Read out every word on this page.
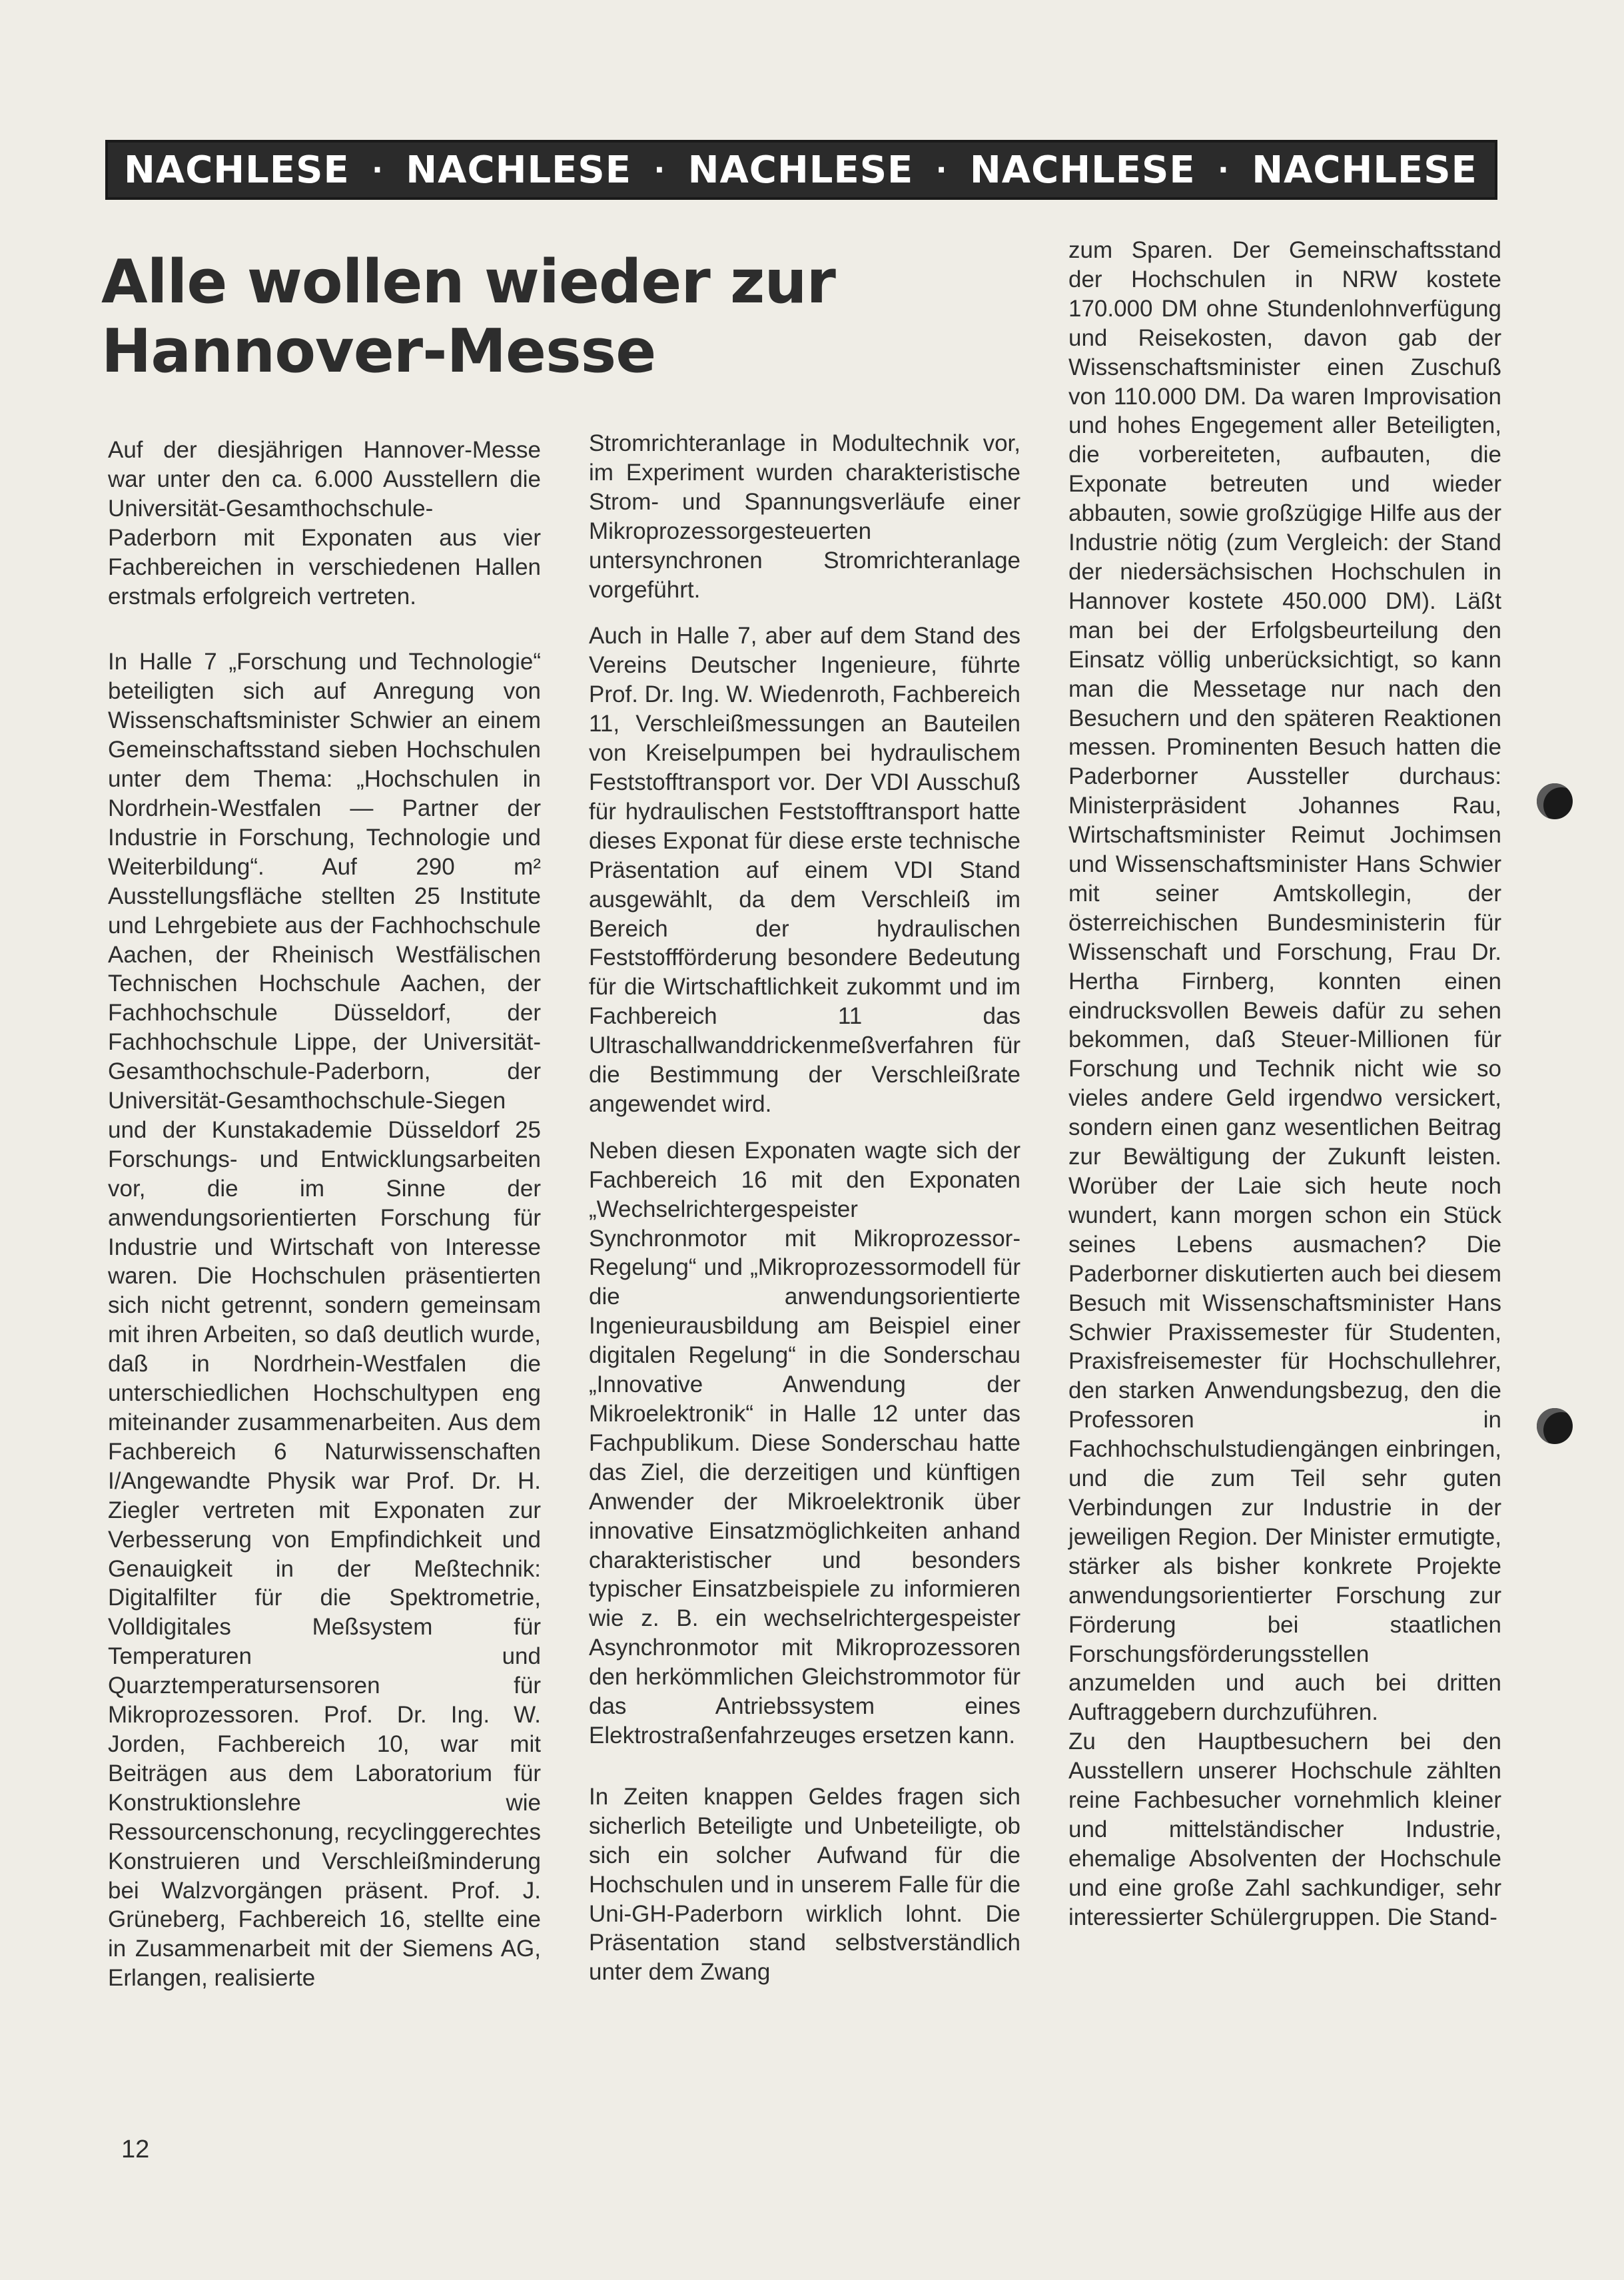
NACHLESE · NACHLESE · NACHLESE · NACHLESE · NACHLESE
Alle wollen wieder zur
Hannover-Messe

Auf der diesjährigen Hannover-Messe war unter den ca. 6.000 Ausstellern die Universität-Gesamthochschule-Paderborn mit Exponaten aus vier Fachbereichen in verschiedenen Hallen erstmals erfolgreich vertreten.

In Halle 7 „Forschung und Technologie“ beteiligten sich auf Anregung von Wissenschaftsminister Schwier an einem Gemeinschaftsstand sieben Hochschulen unter dem Thema: „Hochschulen in Nordrhein-Westfalen — Partner der Industrie in Forschung, Technologie und Weiterbildung“. Auf 290 m² Ausstellungsfläche stellten 25 Institute und Lehrgebiete aus der Fachhochschule Aachen, der Rheinisch Westfälischen Technischen Hochschule Aachen, der Fachhochschule Düsseldorf, der Fachhochschule Lippe, der Universität-Gesamthochschule-Paderborn, der Universität-Gesamthochschule-Siegen und der Kunstakademie Düsseldorf 25 Forschungs- und Entwicklungsarbeiten vor, die im Sinne der anwendungsorientierten Forschung für Industrie und Wirtschaft von Interesse waren. Die Hochschulen präsentierten sich nicht getrennt, sondern gemeinsam mit ihren Arbeiten, so daß deutlich wurde, daß in Nordrhein-Westfalen die unterschiedlichen Hochschultypen eng miteinander zusammenarbeiten. Aus dem Fachbereich 6 Naturwissenschaften I/Angewandte Physik war Prof. Dr. H. Ziegler vertreten mit Exponaten zur Verbesserung von Empfindichkeit und Genauigkeit in der Meßtechnik: Digitalfilter für die Spektrometrie, Volldigitales Meßsystem für Temperaturen und Quarztemperatursensoren für Mikroprozessoren. Prof. Dr. Ing. W. Jorden, Fachbereich 10, war mit Beiträgen aus dem Laboratorium für Konstruktionslehre wie Ressourcenschonung, recyclinggerechtes Konstruieren und Verschleißminderung bei Walzvorgängen präsent. Prof. J. Grüneberg, Fachbereich 16, stellte eine in Zusammenarbeit mit der Siemens AG, Erlangen, realisierte

Stromrichteranlage in Modultechnik vor, im Experiment wurden charakteristische Strom- und Spannungsverläufe einer Mikroprozessorgesteuerten untersynchronen Stromrichteranlage vorgeführt.

Auch in Halle 7, aber auf dem Stand des Vereins Deutscher Ingenieure, führte Prof. Dr. Ing. W. Wiedenroth, Fachbereich 11, Verschleißmessungen an Bauteilen von Kreiselpumpen bei hydraulischem Feststofftransport vor. Der VDI Ausschuß für hydraulischen Feststofftransport hatte dieses Exponat für diese erste technische Präsentation auf einem VDI Stand ausgewählt, da dem Verschleiß im Bereich der hydraulischen Feststoffförderung besondere Bedeutung für die Wirtschaftlichkeit zukommt und im Fachbereich 11 das Ultraschallwanddrickenmeßverfahren für die Bestimmung der Verschleißrate angewendet wird.

Neben diesen Exponaten wagte sich der Fachbereich 16 mit den Exponaten „Wechselrichtergespeister Synchronmotor mit Mikroprozessor-Regelung“ und „Mikroprozessormodell für die anwendungsorientierte Ingenieurausbildung am Beispiel einer digitalen Regelung“ in die Sonderschau „Innovative Anwendung der Mikroelektronik“ in Halle 12 unter das Fachpublikum. Diese Sonderschau hatte das Ziel, die derzeitigen und künftigen Anwender der Mikroelektronik über innovative Einsatzmöglichkeiten anhand charakteristischer und besonders typischer Einsatzbeispiele zu informieren wie z. B. ein wechselrichtergespeister Asynchronmotor mit Mikroprozessoren den herkömmlichen Gleichstrommotor für das Antriebssystem eines Elektrostraßenfahrzeuges ersetzen kann.

In Zeiten knappen Geldes fragen sich sicherlich Beteiligte und Unbeteiligte, ob sich ein solcher Aufwand für die Hochschulen und in unserem Falle für die Uni-GH-Paderborn wirklich lohnt. Die Präsentation stand selbstverständlich unter dem Zwang

zum Sparen. Der Gemeinschaftsstand der Hochschulen in NRW kostete 170.000 DM ohne Stundenlohnverfügung und Reisekosten, davon gab der Wissenschaftsminister einen Zuschuß von 110.000 DM. Da waren Improvisation und hohes Engegement aller Beteiligten, die vorbereiteten, aufbauten, die Exponate betreuten und wieder abbauten, sowie großzügige Hilfe aus der Industrie nötig (zum Vergleich: der Stand der niedersächsischen Hochschulen in Hannover kostete 450.000 DM). Läßt man bei der Erfolgsbeurteilung den Einsatz völlig unberücksichtigt, so kann man die Messetage nur nach den Besuchern und den späteren Reaktionen messen. Prominenten Besuch hatten die Paderborner Aussteller durchaus: Ministerpräsident Johannes Rau, Wirtschaftsminister Reimut Jochimsen und Wissenschaftsminister Hans Schwier mit seiner Amtskollegin, der österreichischen Bundesministerin für Wissenschaft und Forschung, Frau Dr. Hertha Firnberg, konnten einen eindrucksvollen Beweis dafür zu sehen bekommen, daß Steuer-Millionen für Forschung und Technik nicht wie so vieles andere Geld irgendwo versickert, sondern einen ganz wesentlichen Beitrag zur Bewältigung der Zukunft leisten. Worüber der Laie sich heute noch wundert, kann morgen schon ein Stück seines Lebens ausmachen? Die Paderborner diskutierten auch bei diesem Besuch mit Wissenschaftsminister Hans Schwier Praxissemester für Studenten, Praxisfreisemester für Hochschullehrer, den starken Anwendungsbezug, den die Professoren in Fachhochschulstudiengängen einbringen, und die zum Teil sehr guten Verbindungen zur Industrie in der jeweiligen Region. Der Minister ermutigte, stärker als bisher konkrete Projekte anwendungsorientierter Forschung zur Förderung bei staatlichen Forschungsförderungsstellen anzumelden und auch bei dritten Auftraggebern durchzuführen.

Zu den Hauptbesuchern bei den Ausstellern unserer Hochschule zählten reine Fachbesucher vornehmlich kleiner und mittelständischer Industrie, ehemalige Absolventen der Hochschule und eine große Zahl sachkundiger, sehr interessierter Schülergruppen. Die Stand-

12
